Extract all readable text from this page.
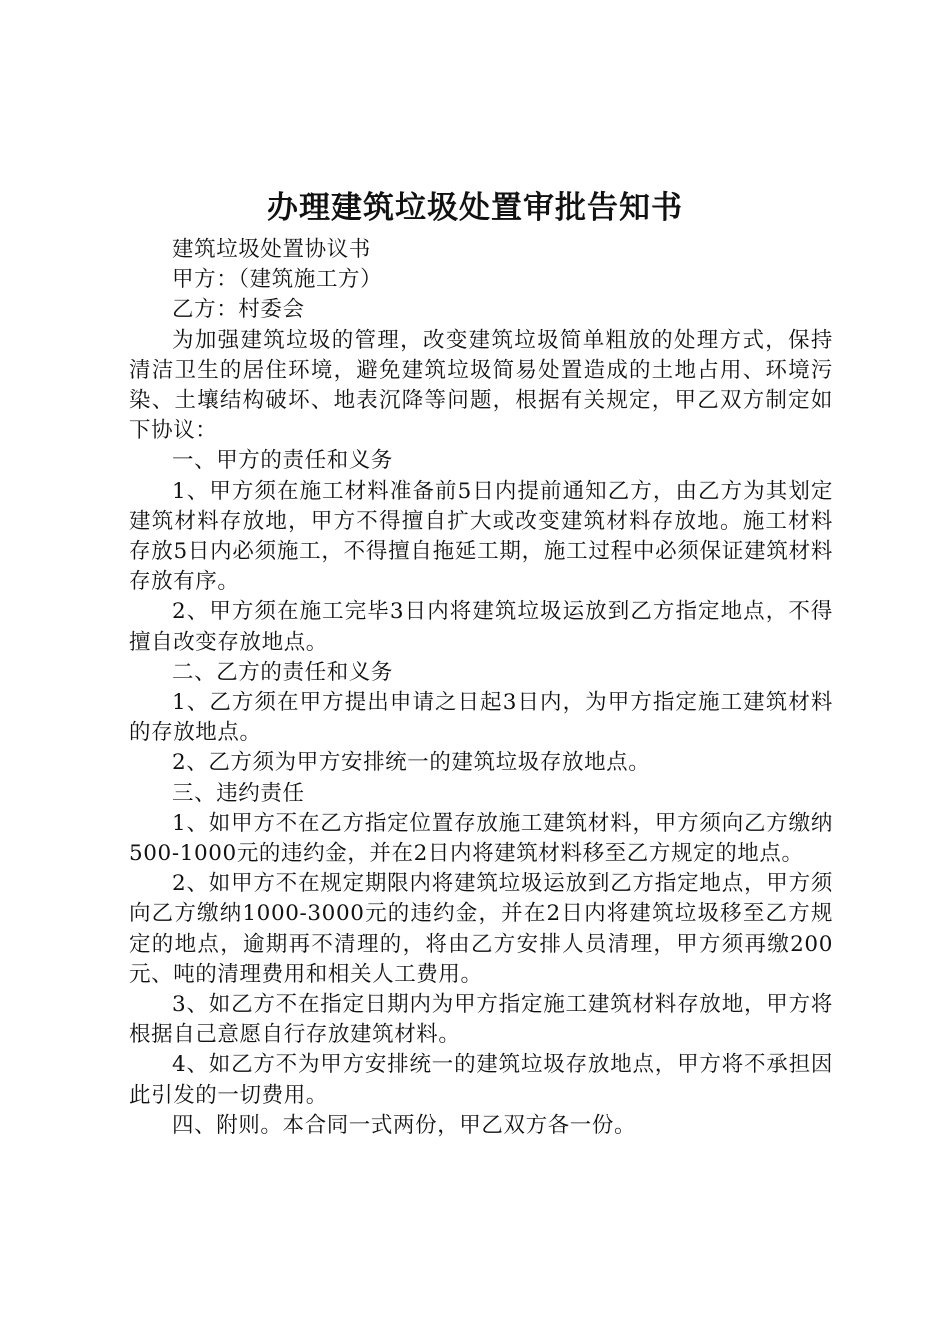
办理建筑垃圾处置审批告知书

建筑垃圾处置协议书

甲方：（建筑施工方）

乙方：村委会

为加强建筑垃圾的管理，改变建筑垃圾简单粗放的处理方式，保持清洁卫生的居住环境，避免建筑垃圾简易处置造成的土地占用、环境污染、土壤结构破坏、地表沉降等问题，根据有关规定，甲乙双方制定如下协议：

一、甲方的责任和义务

1、甲方须在施工材料准备前5日内提前通知乙方，由乙方为其划定建筑材料存放地，甲方不得擅自扩大或改变建筑材料存放地。施工材料存放5日内必须施工，不得擅自拖延工期，施工过程中必须保证建筑材料存放有序。

2、甲方须在施工完毕3日内将建筑垃圾运放到乙方指定地点，不得擅自改变存放地点。

二、乙方的责任和义务

1、乙方须在甲方提出申请之日起3日内，为甲方指定施工建筑材料的存放地点。

2、乙方须为甲方安排统一的建筑垃圾存放地点。

三、违约责任

1、如甲方不在乙方指定位置存放施工建筑材料，甲方须向乙方缴纳500-1000元的违约金，并在2日内将建筑材料移至乙方规定的地点。

2、如甲方不在规定期限内将建筑垃圾运放到乙方指定地点，甲方须向乙方缴纳1000-3000元的违约金，并在2日内将建筑垃圾移至乙方规定的地点，逾期再不清理的，将由乙方安排人员清理，甲方须再缴200元、吨的清理费用和相关人工费用。

3、如乙方不在指定日期内为甲方指定施工建筑材料存放地，甲方将根据自己意愿自行存放建筑材料。

4、如乙方不为甲方安排统一的建筑垃圾存放地点，甲方将不承担因此引发的一切费用。

四、附则。本合同一式两份，甲乙双方各一份。
